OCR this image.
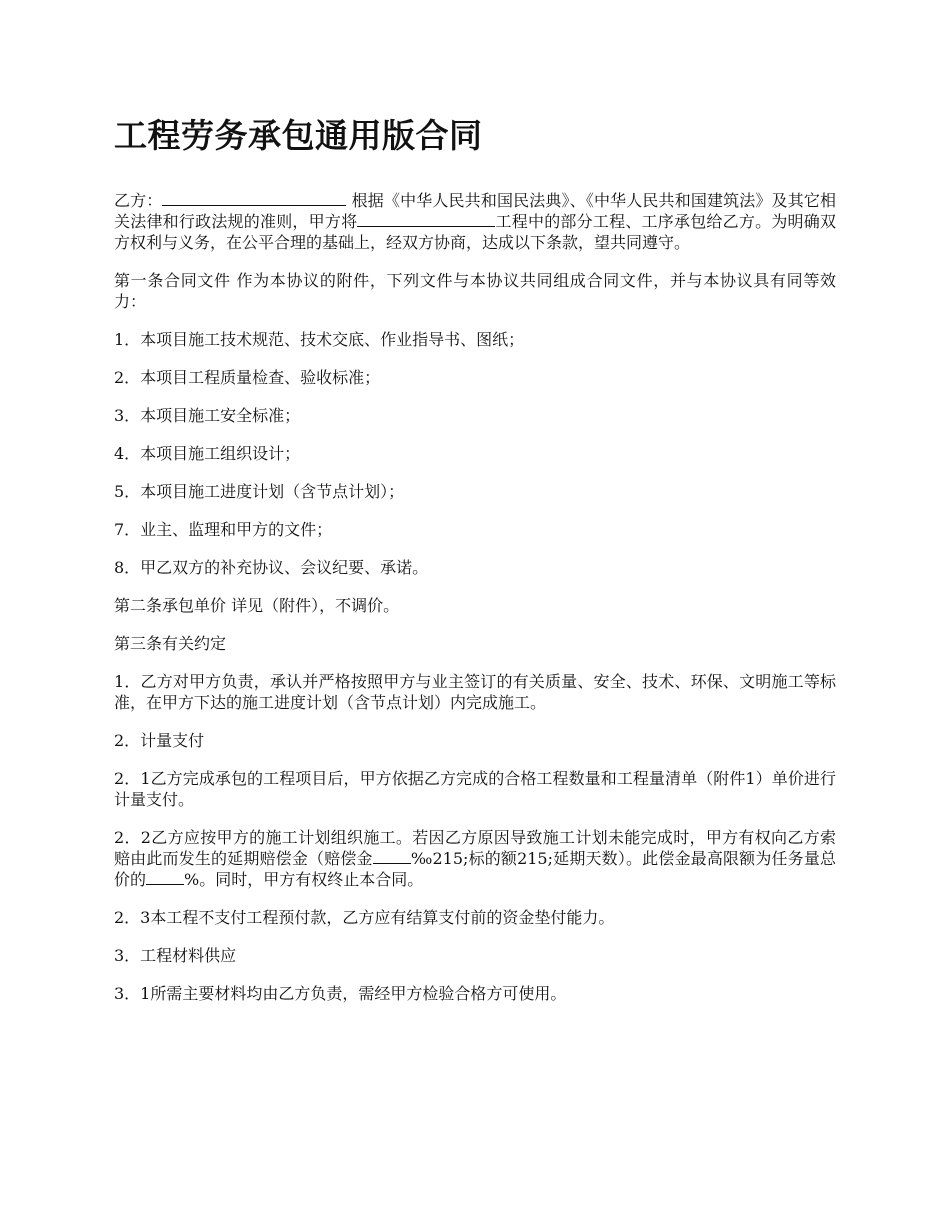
工程劳务承包通用版合同

乙方：	根据《中华人民共和国民法典》、《中华人民共和国建筑法》及其它相关法律和行政法规的准则，甲方将	工程中的部分工程、工序承包给乙方。为明确双方权利与义务，在公平合理的基础上，经双方协商，达成以下条款，望共同遵守。

第一条合同文件 作为本协议的附件，下列文件与本协议共同组成合同文件，并与本协议具有同等效力：

1．本项目施工技术规范、技术交底、作业指导书、图纸；

2．本项目工程质量检查、验收标准；

3．本项目施工安全标准；

4．本项目施工组织设计；

5．本项目施工进度计划（含节点计划）；

7．业主、监理和甲方的文件；

8．甲乙双方的补充协议、会议纪要、承诺。

第二条承包单价 详见（附件），不调价。

第三条有关约定

1．乙方对甲方负责，承认并严格按照甲方与业主签订的有关质量、安全、技术、环保、文明施工等标准，在甲方下达的施工进度计划（含节点计划）内完成施工。

2．计量支付

2．1乙方完成承包的工程项目后，甲方依据乙方完成的合格工程数量和工程量清单（附件1）单价进行计量支付。

2．2乙方应按甲方的施工计划组织施工。若因乙方原因导致施工计划未能完成时，甲方有权向乙方索赔由此而发生的延期赔偿金（赔偿金 ‰215;标的额215;延期天数）。此偿金最高限额为任务量总价的 %。同时，甲方有权终止本合同。

2．3本工程不支付工程预付款，乙方应有结算支付前的资金垫付能力。

3．工程材料供应

3．1所需主要材料均由乙方负责，需经甲方检验合格方可使用。
